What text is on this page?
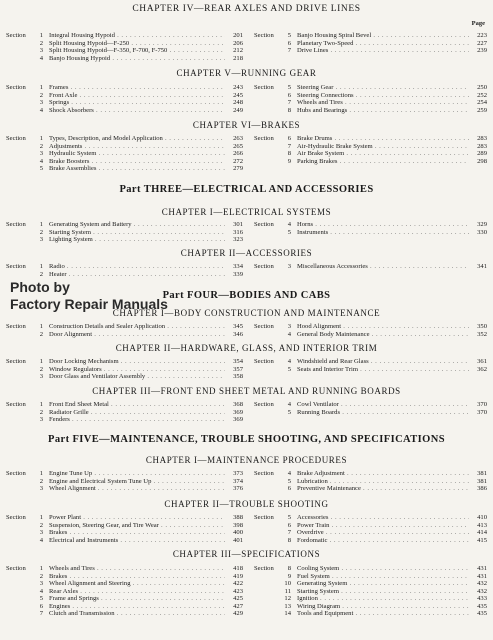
CHAPTER IV—REAR AXLES AND DRIVE LINES
Page
Section	1 Integral Housing Hypoid . . .	201
2 Split Housing Hypoid—F-250 . . .	206
3 Split Housing Hypoid—F-350, F-700, F-750 . . .	212
4 Banjo Housing Hypoid . . .	218
Section	5 Banjo Housing Spiral Bevel . . .	223
6 Planetary Two-Speed . . .	227
7 Drive Lines . . .	239
CHAPTER V—RUNNING GEAR
Section	1 Frames . . .	243
2 Front Axle . . .	245
3 Springs . . .	248
4 Shock Absorbers . . .	249
Section	5 Steering Gear . . .	250
6 Steering Connections . . .	252
7 Wheels and Tires . . .	254
8 Hubs and Bearings . . .	259
CHAPTER VI—BRAKES
Section	1 Types, Description, and Model Application . . .	263
2 Adjustments . . .	265
3 Hydraulic System . . .	266
4 Brake Boosters . . .	272
5 Brake Assemblies . . .	279
Section	6 Brake Drums . . .	283
7 Air-Hydraulic Brake System . . .	283
8 Air Brake System . . .	289
9 Parking Brakes . . .	298
Part THREE—ELECTRICAL AND ACCESSORIES
CHAPTER I—ELECTRICAL SYSTEMS
Section	1 Generating System and Battery . . .	301
2 Starting System . . .	316
3 Lighting System . . .	323
Section	4 Horns . . .	329
5 Instruments . . .	330
CHAPTER II—ACCESSORIES
Section	1 Radio . . .	334
2 Heater . . .	339
Section	3 Miscellaneous Accessories . . .	341
Part FOUR—BODIES AND CABS
CHAPTER I—BODY CONSTRUCTION AND MAINTENANCE
Section	1 Construction Details and Sealer Application . . .	345
2 Door Alignment . . .	346
Section	3 Hood Alignment . . .	350
4 General Body Maintenance . . .	352
CHAPTER II—HARDWARE, GLASS, AND INTERIOR TRIM
Section	1 Door Locking Mechanism . . .	354
2 Window Regulators . . .	357
3 Door Glass and Ventilator Assembly . . .	358
Section	4 Windshield and Rear Glass . . .	361
5 Seats and Interior Trim . . .	362
CHAPTER III—FRONT END SHEET METAL AND RUNNING BOARDS
Section	1 Front End Sheet Metal . . .	368
2 Radiator Grille . . .	369
3 Fenders . . .	369
Section	4 Cowl Ventilator . . .	370
5 Running Boards . . .	370
Part FIVE—MAINTENANCE, TROUBLE SHOOTING, AND SPECIFICATIONS
CHAPTER I—MAINTENANCE PROCEDURES
Section	1 Engine Tune Up . . .	373
2 Engine and Electrical System Tune Up . . .	374
3 Wheel Alignment . . .	376
Section	4 Brake Adjustment . . .	381
5 Lubrication . . .	381
6 Preventive Maintenance . . .	386
CHAPTER II—TROUBLE SHOOTING
Section	1 Power Plant . . .	388
2 Suspension, Steering Gear, and Tire Wear . . .	398
3 Brakes . . .	400
4 Electrical and Instruments . . .	401
Section	5 Accessories . . .	410
6 Power Train . . .	413
7 Overdrive . . .	414
8 Fordomatic . . .	415
CHAPTER III—SPECIFICATIONS
Section	1 Wheels and Tires . . .	418
2 Brakes . . .	419
3 Wheel Alignment and Steering . . .	422
4 Rear Axles . . .	423
5 Frame and Springs . . .	425
6 Engines . . .	427
7 Clutch and Transmission . . .	429
Section	8 Cooling System . . .	431
9 Fuel System . . .	431
10 Generating System . . .	432
11 Starting System . . .	432
12 Ignition . . .	433
13 Wiring Diagram . . .	435
14 Tools and Equipment . . .	435
Photo by
Factory Repair Manuals
